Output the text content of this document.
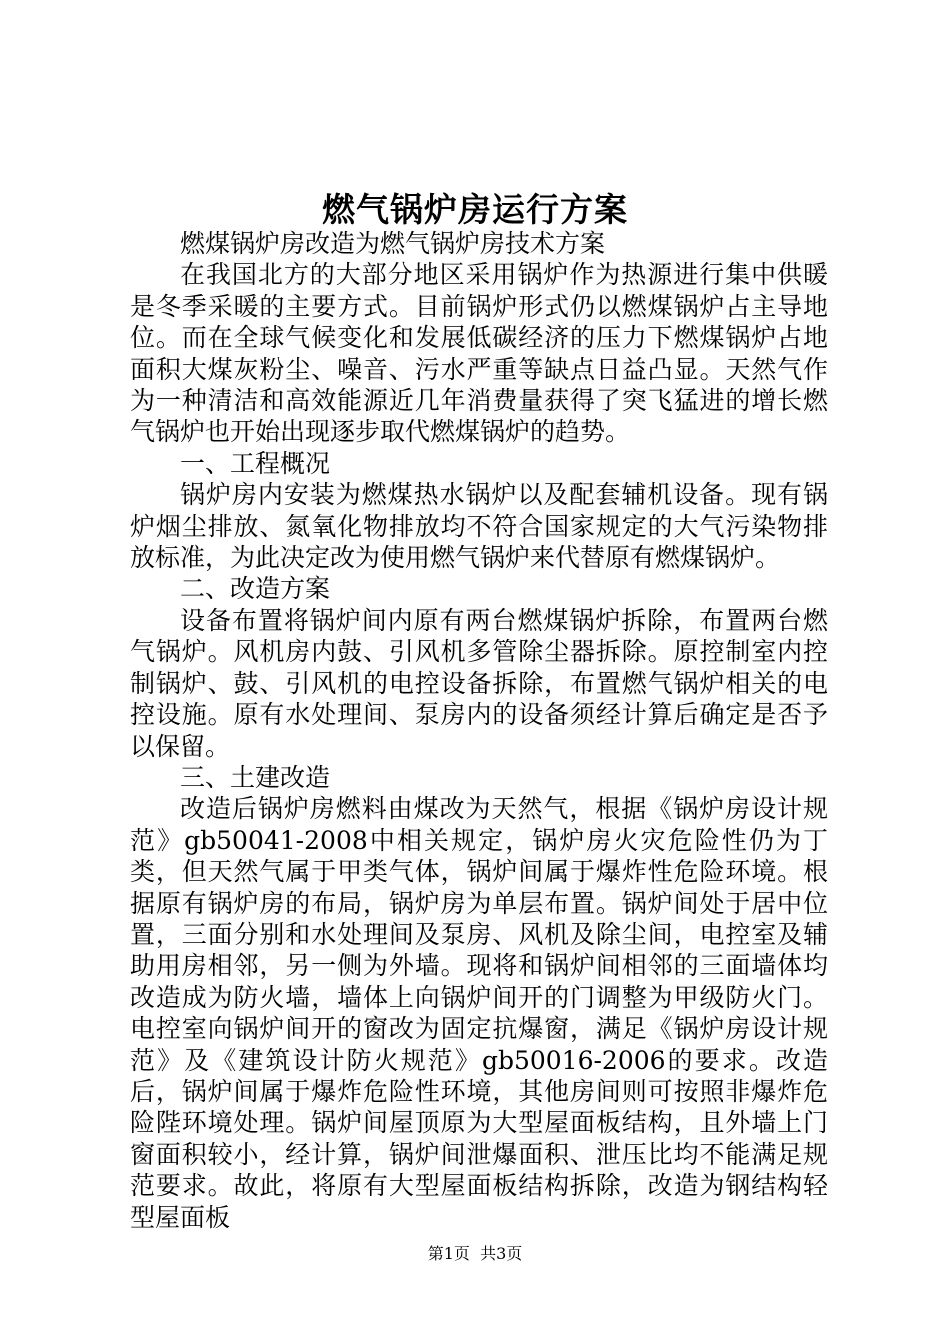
燃气锅炉房运行方案

燃煤锅炉房改造为燃气锅炉房技术方案

在我国北方的大部分地区采用锅炉作为热源进行集中供暖是冬季采暖的主要方式。目前锅炉形式仍以燃煤锅炉占主导地位。而在全球气候变化和发展低碳经济的压力下燃煤锅炉占地面积大煤灰粉尘、噪音、污水严重等缺点日益凸显。天然气作为一种清洁和高效能源近几年消费量获得了突飞猛进的增长燃气锅炉也开始出现逐步取代燃煤锅炉的趋势。

一、工程概况

锅炉房内安装为燃煤热水锅炉以及配套辅机设备。现有锅炉烟尘排放、氮氧化物排放均不符合国家规定的大气污染物排放标准，为此决定改为使用燃气锅炉来代替原有燃煤锅炉。

二、改造方案

设备布置将锅炉间内原有两台燃煤锅炉拆除，布置两台燃气锅炉。风机房内鼓、引风机多管除尘器拆除。原控制室内控制锅炉、鼓、引风机的电控设备拆除，布置燃气锅炉相关的电控设施。原有水处理间、泵房内的设备须经计算后确定是否予以保留。

三、土建改造

改造后锅炉房燃料由煤改为天然气，根据《锅炉房设计规范》gb50041-2008中相关规定，锅炉房火灾危险性仍为丁类，但天然气属于甲类气体，锅炉间属于爆炸性危险环境。根据原有锅炉房的布局，锅炉房为单层布置。锅炉间处于居中位置，三面分别和水处理间及泵房、风机及除尘间，电控室及辅助用房相邻，另一侧为外墙。现将和锅炉间相邻的三面墙体均改造成为防火墙，墙体上向锅炉间开的门调整为甲级防火门。电控室向锅炉间开的窗改为固定抗爆窗，满足《锅炉房设计规范》及《建筑设计防火规范》gb50016-2006的要求。改造后，锅炉间属于爆炸危险性环境，其他房间则可按照非爆炸危险陛环境处理。锅炉间屋顶原为大型屋面板结构，且外墙上门窗面积较小，经计算，锅炉间泄爆面积、泄压比均不能满足规范要求。故此，将原有大型屋面板结构拆除，改造为钢结构轻型屋面板

第1页  共3页
